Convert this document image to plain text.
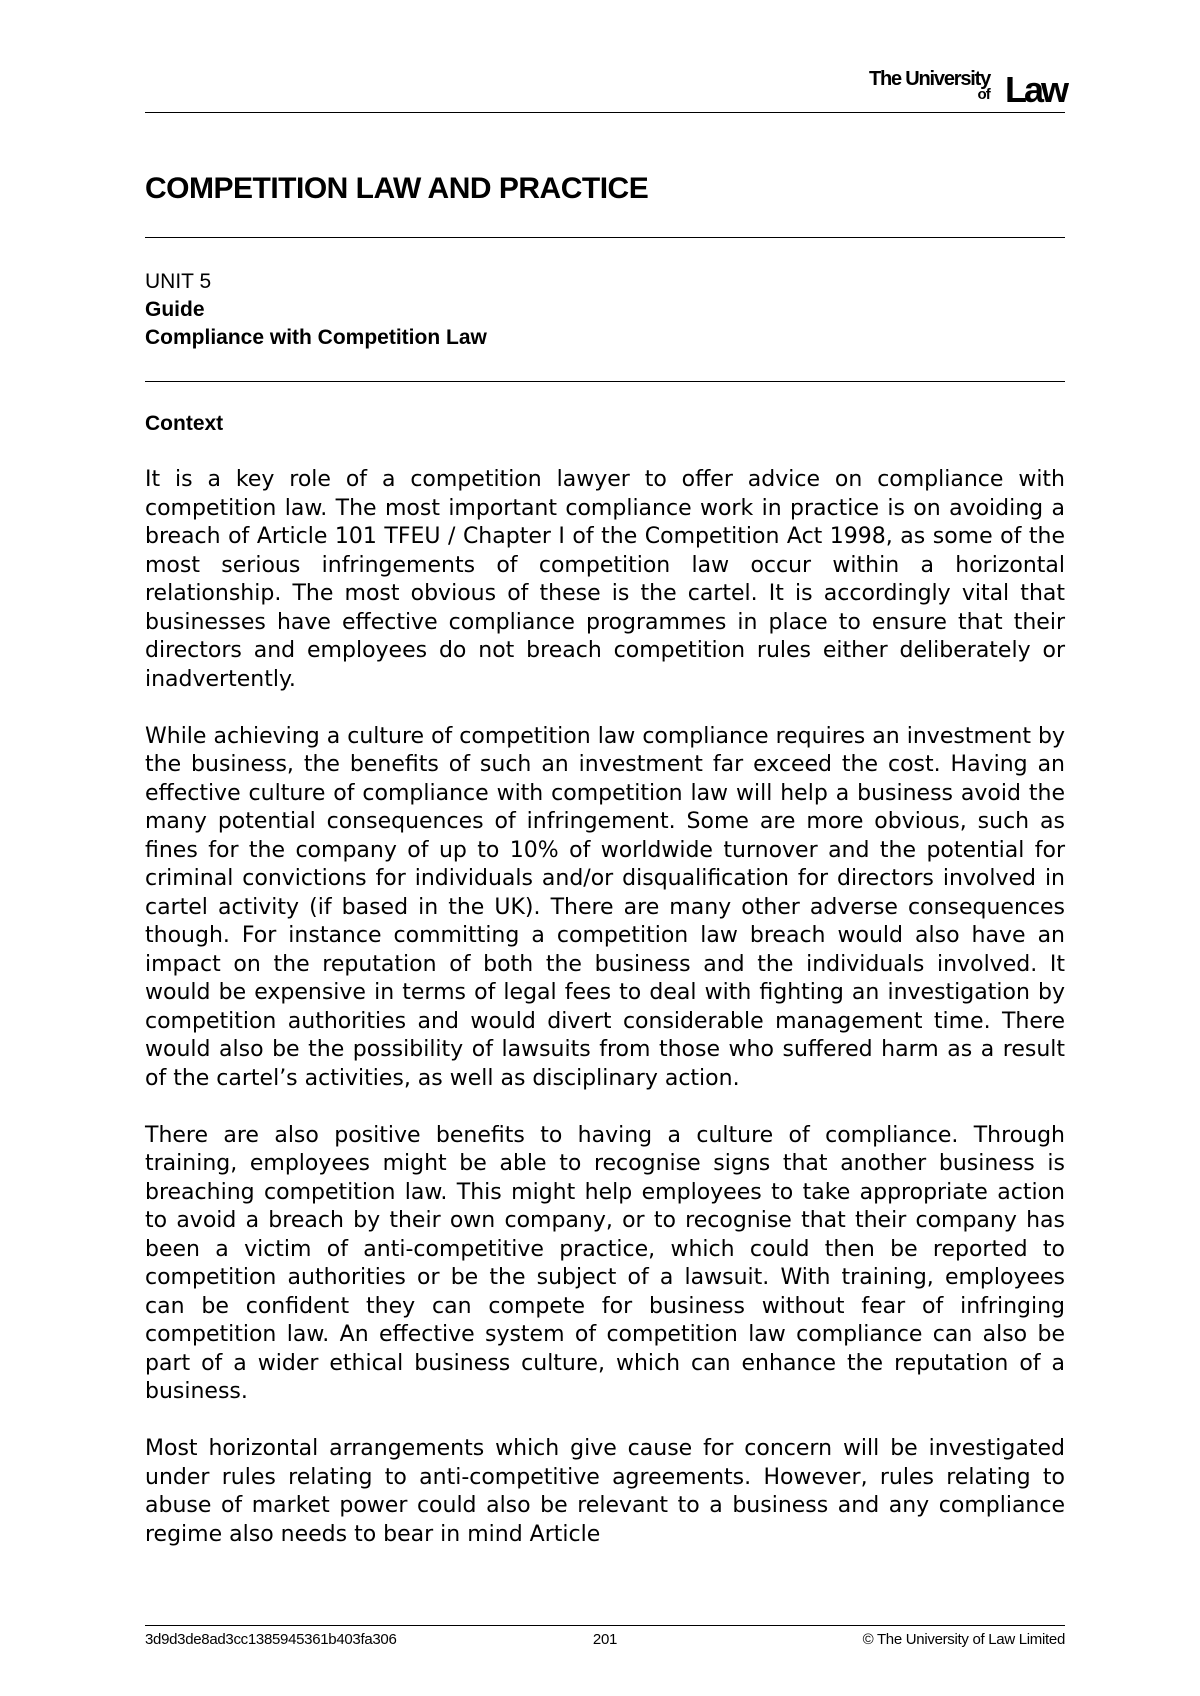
The University
of Law
COMPETITION LAW AND PRACTICE
UNIT 5
Guide
Compliance with Competition Law
Context

It is a key role of a competition lawyer to offer advice on compliance with competition law. The most important compliance work in practice is on avoiding a breach of Article 101 TFEU / Chapter I of the Competition Act 1998, as some of the most serious infringements of competition law occur within a horizontal relationship. The most obvious of these is the cartel. It is accordingly vital that businesses have effective compliance programmes in place to ensure that their directors and employees do not breach competition rules either deliberately or inadvertently.

While achieving a culture of competition law compliance requires an investment by the business, the benefits of such an investment far exceed the cost. Having an effective culture of compliance with competition law will help a business avoid the many potential consequences of infringement. Some are more obvious, such as fines for the company of up to 10% of worldwide turnover and the potential for criminal convictions for individuals and/or disqualification for directors involved in cartel activity (if based in the UK). There are many other adverse consequences though. For instance committing a competition law breach would also have an impact on the reputation of both the business and the individuals involved. It would be expensive in terms of legal fees to deal with fighting an investigation by competition authorities and would divert considerable management time. There would also be the possibility of lawsuits from those who suffered harm as a result of the cartel’s activities, as well as disciplinary action.

There are also positive benefits to having a culture of compliance. Through training, employees might be able to recognise signs that another business is breaching competition law. This might help employees to take appropriate action to avoid a breach by their own company, or to recognise that their company has been a victim of anti-competitive practice, which could then be reported to competition authorities or be the subject of a lawsuit. With training, employees can be confident they can compete for business without fear of infringing competition law. An effective system of competition law compliance can also be part of a wider ethical business culture, which can enhance the reputation of a business.

Most horizontal arrangements which give cause for concern will be investigated under rules relating to anti-competitive agreements. However, rules relating to abuse of market power could also be relevant to a business and any compliance regime also needs to bear in mind Article

3d9d3de8ad3cc1385945361b403fa306	201	© The University of Law Limited
